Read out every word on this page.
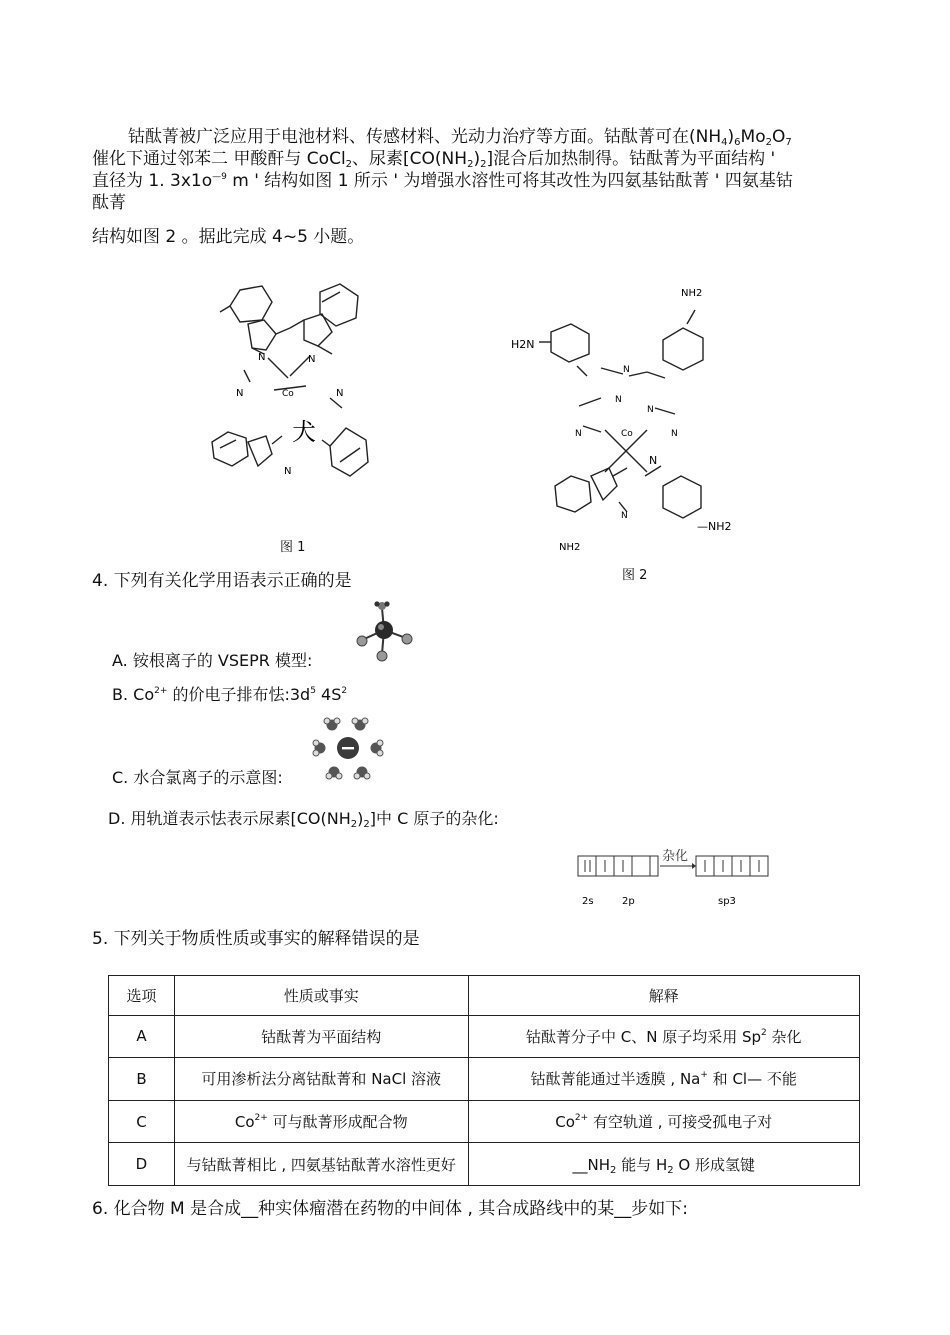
钴酞菁被广泛应用于电池材料、传感材料、光动力治疗等方面。钴酞菁可在$(NH_4)_6Mo_2O_7$
催化下通过邻苯二 甲酸酐与 CoCl$_2$、尿素$[CO(NH_2)_2]$混合后加热制得。钴酞菁为平面结构 '
直径为 1. $3x1o^{—9}$ m ' 结构如图 1 所示 ' 为增强水溶性可将其改性为四氨基钴酞菁 ' 四氨基钴
酞菁
结构如图 2 。据此完成 4~5 小题。
N	N
N	N
N
Co
犬
图 1
NH2
H2N
—NH2
NH2
N
N
N
N	N
N
N
Co
图 2
4. 下列有关化学用语表示正确的是
A. 铵根离子的 VSEPR 模型:
B. $Co^{2+}$ 的价电子排布怯$:3d^5$ $4S^2$
C. 水合氯离子的示意图:
D. 用轨道表示怯表示尿素$[CO(NH_2)_2]$中 C 原子的杂化:
杂化
2s	2p	sp3
5. 下列关于物质性质或事实的解释错误的是
选项	性质或事实	解释
A	钴酞菁为平面结构	钴酞菁分子中 C、N 原子均采用 Sp$^2$ 杂化
B	可用渗析法分离钴酞菁和 NaCl 溶液	钴酞菁能通过半透膜 , Na+ 和 Cl— 不能
C	$Co^{2+}$ 可与酞菁形成配合物	$Co^{2+}$ 有空轨道 , 可接受孤电子对
D	与钴酞菁相比 , 四氨基钴酞菁水溶性更好	$\_\_NH_2$ 能与 $H_2$ O 形成氢键
6. 化合物 M 是合成__种实体瘤潜在药物的中间体 , 其合成路线中的某__步如下:
